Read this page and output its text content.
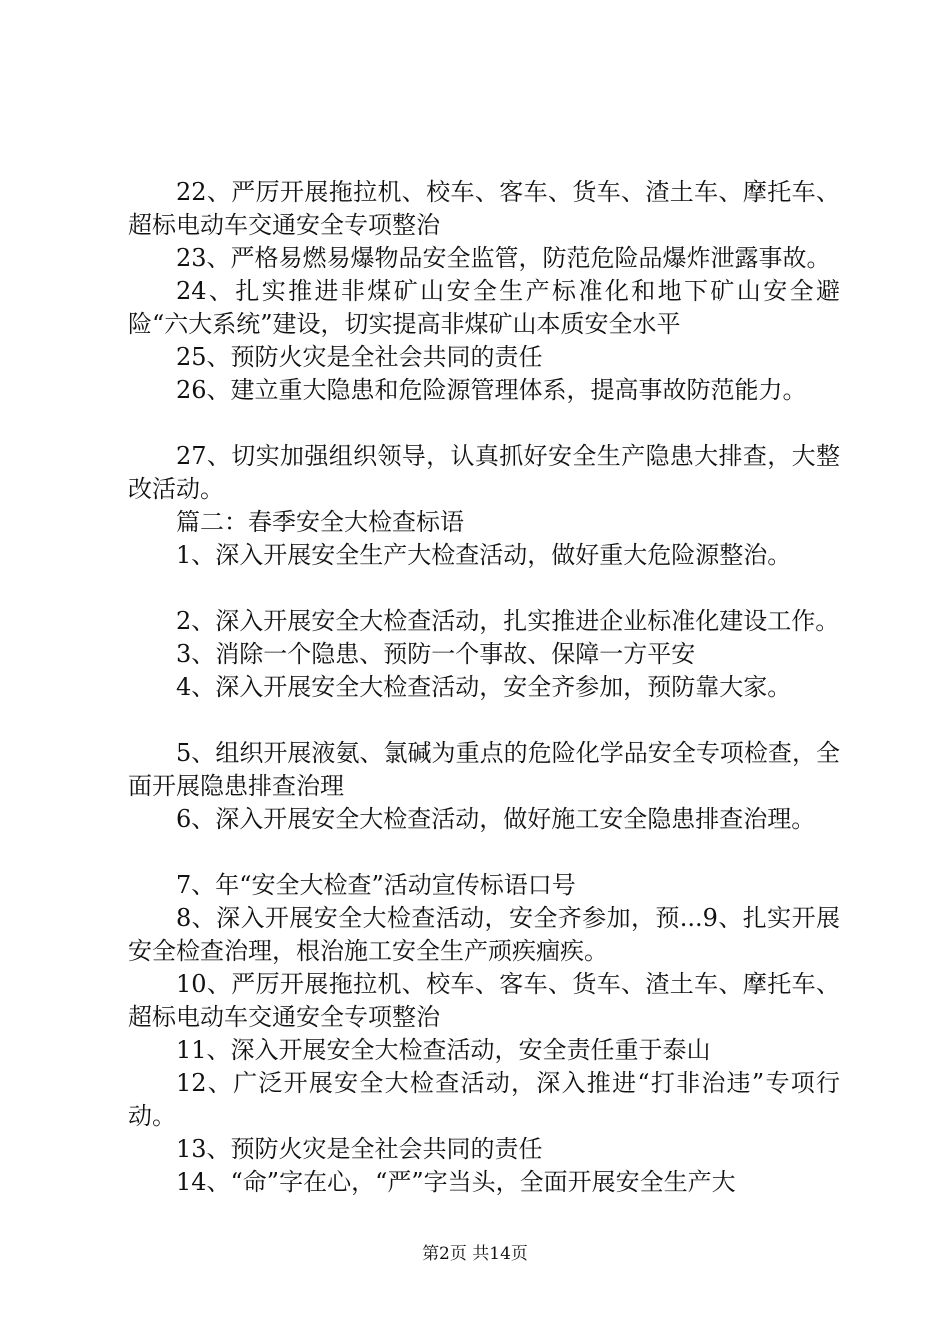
22、严厉开展拖拉机、校车、客车、货车、渣土车、摩托车、超标电动车交通安全专项整治

23、严格易燃易爆物品安全监管，防范危险品爆炸泄露事故。

24、扎实推进非煤矿山安全生产标准化和地下矿山安全避险“六大系统”建设，切实提高非煤矿山本质安全水平

25、预防火灾是全社会共同的责任

26、建立重大隐患和危险源管理体系，提高事故防范能力。

27、切实加强组织领导，认真抓好安全生产隐患大排查，大整改活动。

篇二：春季安全大检查标语

1、深入开展安全生产大检查活动，做好重大危险源整治。

2、深入开展安全大检查活动，扎实推进企业标准化建设工作。

3、消除一个隐患、预防一个事故、保障一方平安

4、深入开展安全大检查活动，安全齐参加，预防靠大家。

5、组织开展液氨、氯碱为重点的危险化学品安全专项检查，全面开展隐患排查治理

6、深入开展安全大检查活动，做好施工安全隐患排查治理。

7、年“安全大检查”活动宣传标语口号

8、深入开展安全大检查活动，安全齐参加，预...9、扎实开展安全检查治理，根治施工安全生产顽疾痼疾。

10、严厉开展拖拉机、校车、客车、货车、渣土车、摩托车、超标电动车交通安全专项整治

11、深入开展安全大检查活动，安全责任重于泰山

12、广泛开展安全大检查活动，深入推进“打非治违”专项行动。

13、预防火灾是全社会共同的责任

14、“命”字在心，“严”字当头，全面开展安全生产大

第2页 共14页
